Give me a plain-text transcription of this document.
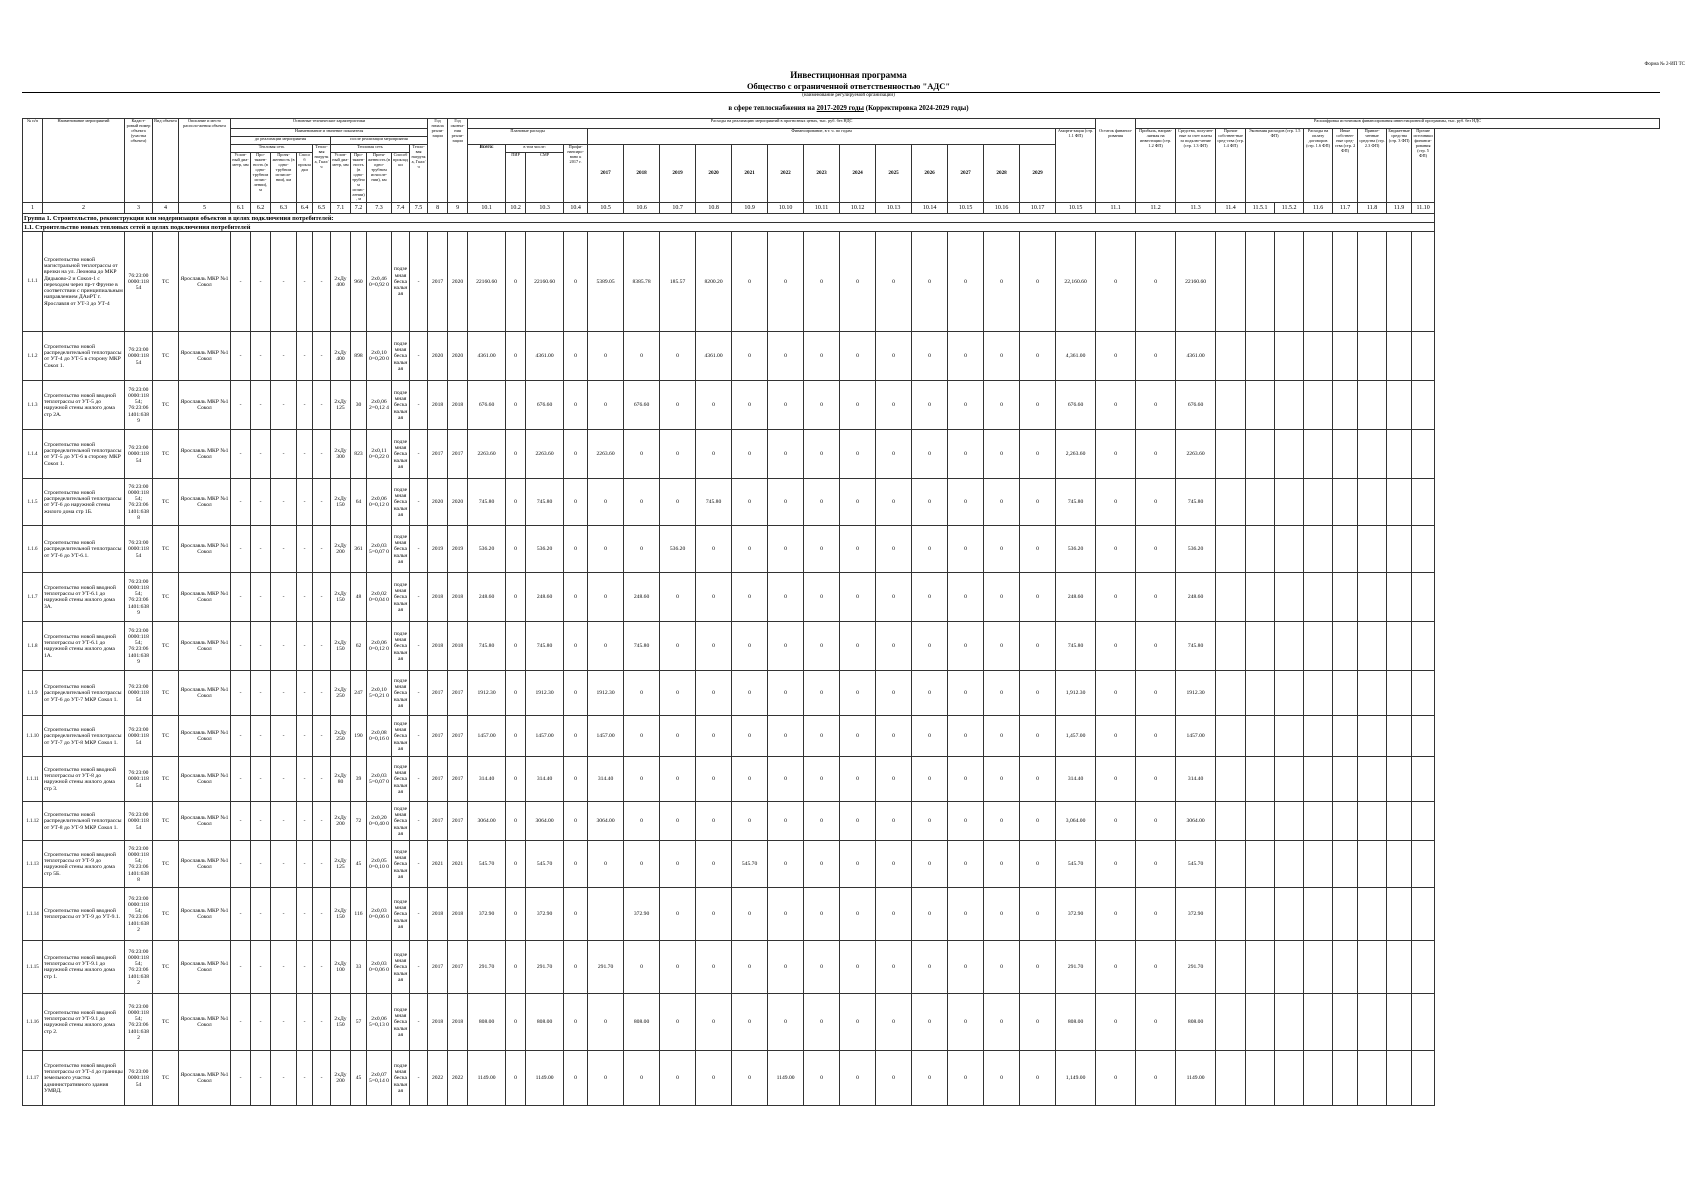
Форма № 2-ИП ТС
Инвестиционная программа
Общество с ограниченной ответственностью "АДС"
(наименование регулируемой организации)
в сфере теплоснабжения на 2017-2029 годы (Корректировка 2024-2029 годы)
№ п/п	Наименование мероприятий	Кадаст-ровый номер объекта (участка объекта)	Вид объекта	Описание и место располо-жения объекта	Основные технические характеристики										Год начала реали-зации	Год оконча-ния реали-зации	Расходы на реализацию мероприятий в прогнозных ценах, тыс. руб. без НДС																		Остаток финанси-рования	Расшифровка источников финансирования инвестиционной программы, тыс. руб. без НДС									
					Наименование и значение показателя												Плановые расходы				Финансирование, в т. ч. по годам													Аморти-зация (стр. 1.1 ФП)		Прибыль, направ-ляемая на инвестиции (стр. 1.2 ФП)	Средства, получен-ные за счет платы за подклю-чение (стр. 1.3 ФП)	Прочие собствен-ные сред-ства (стр. 1.4 ФП)	Экономия расходов (стр. 1.5 ФП)		Расходы на оплату договоров (стр. 1.6 ФП)	Иные собствен-ные сред-ства (стр. 2 ФП)	Привле-ченные средства (стр. 2.3 ФП)	Бюджетные средства (стр. 3 ФП)	Прочие источники финанси-рования (стр. 5 ФП)
					до реализации мероприятия					после реализации мероприятия																																			
					Тепловая сеть				Тепло-вая нагрузка, Гкал/ч	Тепловая сеть				Тепло-вая нагрузка, Гкал/ч			Всего:	в том числе:		Профи-нансиро-вано к 2017 г.	2017	2018	2019	2020	2021	2022	2023	2024	2025	2026	2027	2028	2029												
					Услов-ный диа-метр, мм	Про-тяжен-ность (в одно-трубном исчис-лении), м	Протя-женность (в одно-трубном исчисле-нии), км	Способ прокладки		Услов-ный диа-метр, мм	Про-тяжен-ность (в одно-трубном исчис-лении), м	Протя-женность (в одно-трубном исчисле-нии), км	Способ прокладки					ПИР	СМР																										
1	2	3	4	5	6.1	6.2	6.3	6.4	6.5	7.1	7.2	7.3	7.4	7.5	8	9	10.1	10.2	10.3	10.4	10.5	10.6	10.7	10.8	10.9	10.10	10.11	10.12	10.13	10.14	10.15	10.16	10.17	10.15	11.1	11.2	11.3	11.4	11.5.1	11.5.2	11.6	11.7	11.8	11.9	11.10
Группа 1. Строительство, реконструкция или модернизация объектов в целях подключения потребителей:																																													
1.1. Строительство новых тепловых сетей в целях подключения потребителей																																													
1.1.1	Строительство новой магистральной теплотрассы от врезки на ул. Леонова до МКР Дядьково-2 и Сокол-1 с переходом через пр-т Фрунзе в соответствии с принципиальным направлением ДАиРТ г. Ярославля от УТ-3 до УТ-4	76:23:00 0000:118 54	ТС	Ярославль МКР №1 Сокол	-	-	-	-	-	2хДу 400	960	2х0,46 0=0,92 0	подзе мная беска нальн ая	-	2017	2020	22160.60	0	22160.60	0	5389.05	8385.78	185.57	8200.20	0	0	0	0	0	0	0	0	0	22,160.60	0	0	22160.60								
1.1.2	Строительство новой распределительной теплотрассы от УТ-4 до УТ-5 в сторону МКР Сокол 1.	76:23:00 0000:118 54	ТС	Ярославль МКР №1 Сокол	-	-	-	-	-	2хДу 400	898	2х0,10 0=0,20 0	подзе мная беска нальн ая	-	2020	2020	4361.00	0	4361.00	0	0	0	0	4361.00	0	0	0	0	0	0	0	0	0	4,361.00	0	0	4361.00								
1.1.3	Строительство новой вводной теплотрассы от УТ-5 до наружной стены жилого дома стр 2А.	76:23:00 0000:118 54; 76:23:06 1401:638 9	ТС	Ярославль МКР №1 Сокол	-	-	-	-	-	2хДу 125	30	2х0,06 2=0,12 4	подзе мная беска нальн ая	-	2018	2018	676.60	0	676.60	0	0	676.60	0	0	0	0	0	0	0	0	0	0	0	676.60	0	0	676.60								
1.1.4	Строительство новой распределительной теплотрассы от УТ-5 до УТ-6 в сторону МКР Сокол 1.	76:23:00 0000:118 54	ТС	Ярославль МКР №1 Сокол	-	-	-	-	-	2хДу 300	823	2х0,11 0=0,22 0	подзе мная беска нальн ая	-	2017	2017	2263.60	0	2263.60	0	2263.60	0	0	0	0	0	0	0	0	0	0	0	0	2,263.60	0	0	2263.60								
1.1.5	Строительство новой распределительной теплотрассы от УТ-6 до наружной стены жилого дома стр 1Б.	76:23:00 0000:118 54; 76:23:06 1401:638 8	ТС	Ярославль МКР №1 Сокол	-	-	-	-	-	2хДу 150	64	2х0,06 0=0,12 0	подзе мная беска нальн ая	-	2020	2020	745.80	0	745.80	0	0	0	0	745.80	0	0	0	0	0	0	0	0	0	745.80	0	0	745.80								
1.1.6	Строительство новой распределительной теплотрассы от УТ-6 до УТ-6.1.	76:23:00 0000:118 54	ТС	Ярославль МКР №1 Сокол	-	-	-	-	-	2хДу 200	361	2х0,03 5=0,07 0	подзе мная беска нальн ая	-	2019	2019	536.20	0	536.20	0	0	0	536.20	0	0	0	0	0	0	0	0	0	0	536.20	0	0	536.20								
1.1.7	Строительство новой вводной теплотрассы от УТ-6.1 до наружной стены жилого дома 3А.	76:23:00 0000:118 54; 76:23:06 1401:638 9	ТС	Ярославль МКР №1 Сокол	-	-	-	-	-	2хДу 150	48	2х0,02 0=0,04 0	подзе мная беска нальн ая	-	2018	2018	248.60	0	248.60	0	0	248.60	0	0	0	0	0	0	0	0	0	0	0	248.60	0	0	248.60								
1.1.8	Строительство новой вводной теплотрассы от УТ-6.1 до наружной стены жилого дома 1А.	76:23:00 0000:118 54; 76:23:06 1401:638 9	ТС	Ярославль МКР №1 Сокол	-	-	-	-	-	2хДу 150	62	2х0,06 0=0,12 0	подзе мная беска нальн ая	-	2018	2018	745.80	0	745.80	0	0	745.80	0	0	0	0	0	0	0	0	0	0	0	745.80	0	0	745.80								
1.1.9	Строительство новой распределительной теплотрассы от УТ-6 до УТ-7 МКР Сокол 1.	76:23:00 0000:118 54	ТС	Ярославль МКР №1 Сокол	-	-	-	-	-	2хДу 250	247	2х0,10 5=0,21 0	подзе мная беска нальн ая	-	2017	2017	1912.30	0	1912.30	0	1912.30	0	0	0	0	0	0	0	0	0	0	0	0	1,912.30	0	0	1912.30								
1.1.10	Строительство новой распределительной теплотрассы от УТ-7 до УТ-8 МКР Сокол 1.	76:23:00 0000:118 54	ТС	Ярославль МКР №1 Сокол	-	-	-	-	-	2хДу 250	190	2х0,08 0=0,16 0	подзе мная беска нальн ая	-	2017	2017	1457.00	0	1457.00	0	1457.00	0	0	0	0	0	0	0	0	0	0	0	0	1,457.00	0	0	1457.00								
1.1.11	Строительство новой вводной теплотрассы от УТ-8 до наружной стены жилого дома стр 3.	76:23:00 0000:118 54	ТС	Ярославль МКР №1 Сокол	-	-	-	-	-	2хДу 80	39	2х0,03 5=0,07 0	подзе мная беска нальн ая	-	2017	2017	314.40	0	314.40	0	314.40	0	0	0	0	0	0	0	0	0	0	0	0	314.40	0	0	314.40								
1.1.12	Строительство новой распределительной теплотрассы от УТ-8 до УТ-9 МКР Сокол 1.	76:23:00 0000:118 54	ТС	Ярославль МКР №1 Сокол	-	-	-	-	-	2хДу 200	72	2х0,20 0=0,40 0	подзе мная беска нальн ая	-	2017	2017	3064.00	0	3064.00	0	3064.00	0	0	0	0	0	0	0	0	0	0	0	0	3,064.00	0	0	3064.00								
1.1.13	Строительство новой вводной теплотрассы от УТ-9 до наружной стены жилого дома стр 5Б.	76:23:00 0000:118 54; 76:23:06 1401:638 8	ТС	Ярославль МКР №1 Сокол	-	-	-	-	-	2хДу 125	45	2х0,05 0=0,10 0	подзе мная беска нальн ая	-	2021	2021	545.70	0	545.70	0	0	0	0	0	545.70	0	0	0	0	0	0	0	0	545.70	0	0	545.70								
1.1.14	Строительство новой вводной теплотрассы от УТ-9 до УТ-9.1.	76:23:00 0000:118 54; 76:23:06 1401:638 2	ТС	Ярославль МКР №1 Сокол	-	-	-	-	-	2хДу 150	116	2х0,03 0=0,06 0	подзе мная беска нальн ая	-	2018	2018	372.90	0	372.90	0		372.90	0	0	0	0	0	0	0	0	0	0	0	372.90	0	0	372.90								
1.1.15	Строительство новой вводной теплотрассы от УТ-9.1 до наружной стены жилого дома стр 1.	76:23:00 0000:118 54; 76:23:06 1401:638 2	ТС	Ярославль МКР №1 Сокол	-	-	-	-	-	2хДу 100	33	2х0,03 0=0,06 0	подзе мная беска нальн ая	-	2017	2017	291.70	0	291.70	0	291.70	0	0	0	0	0	0	0	0	0	0	0	0	291.70	0	0	291.70								
1.1.16	Строительство новой вводной теплотрассы от УТ-9.1 до наружной стены жилого дома стр 2.	76:23:00 0000:118 54; 76:23:06 1401:638 2	ТС	Ярославль МКР №1 Сокол	-	-	-	-	-	2хДу 150	57	2х0,06 5=0,13 0	подзе мная беска нальн ая	-	2018	2018	808.00	0	808.00	0	0	808.00	0	0	0	0	0	0	0	0	0	0	0	808.00	0	0	808.00								
1.1.17	Строительство новой вводной теплотрассы от УТ-4 до границы земельного участка административного здания УМВД.	76:23:00 0000:118 54	ТС	Ярославль МКР №1 Сокол	-	-	-	-	-	2хДу 200	45	2х0,07 5=0,14 0	подзе мная беска нальн ая	-	2022	2022	1149.00	0	1149.00	0	0	0	0	0	0	1149.00	0	0	0	0	0	0	0	1,149.00	0	0	1149.00								
